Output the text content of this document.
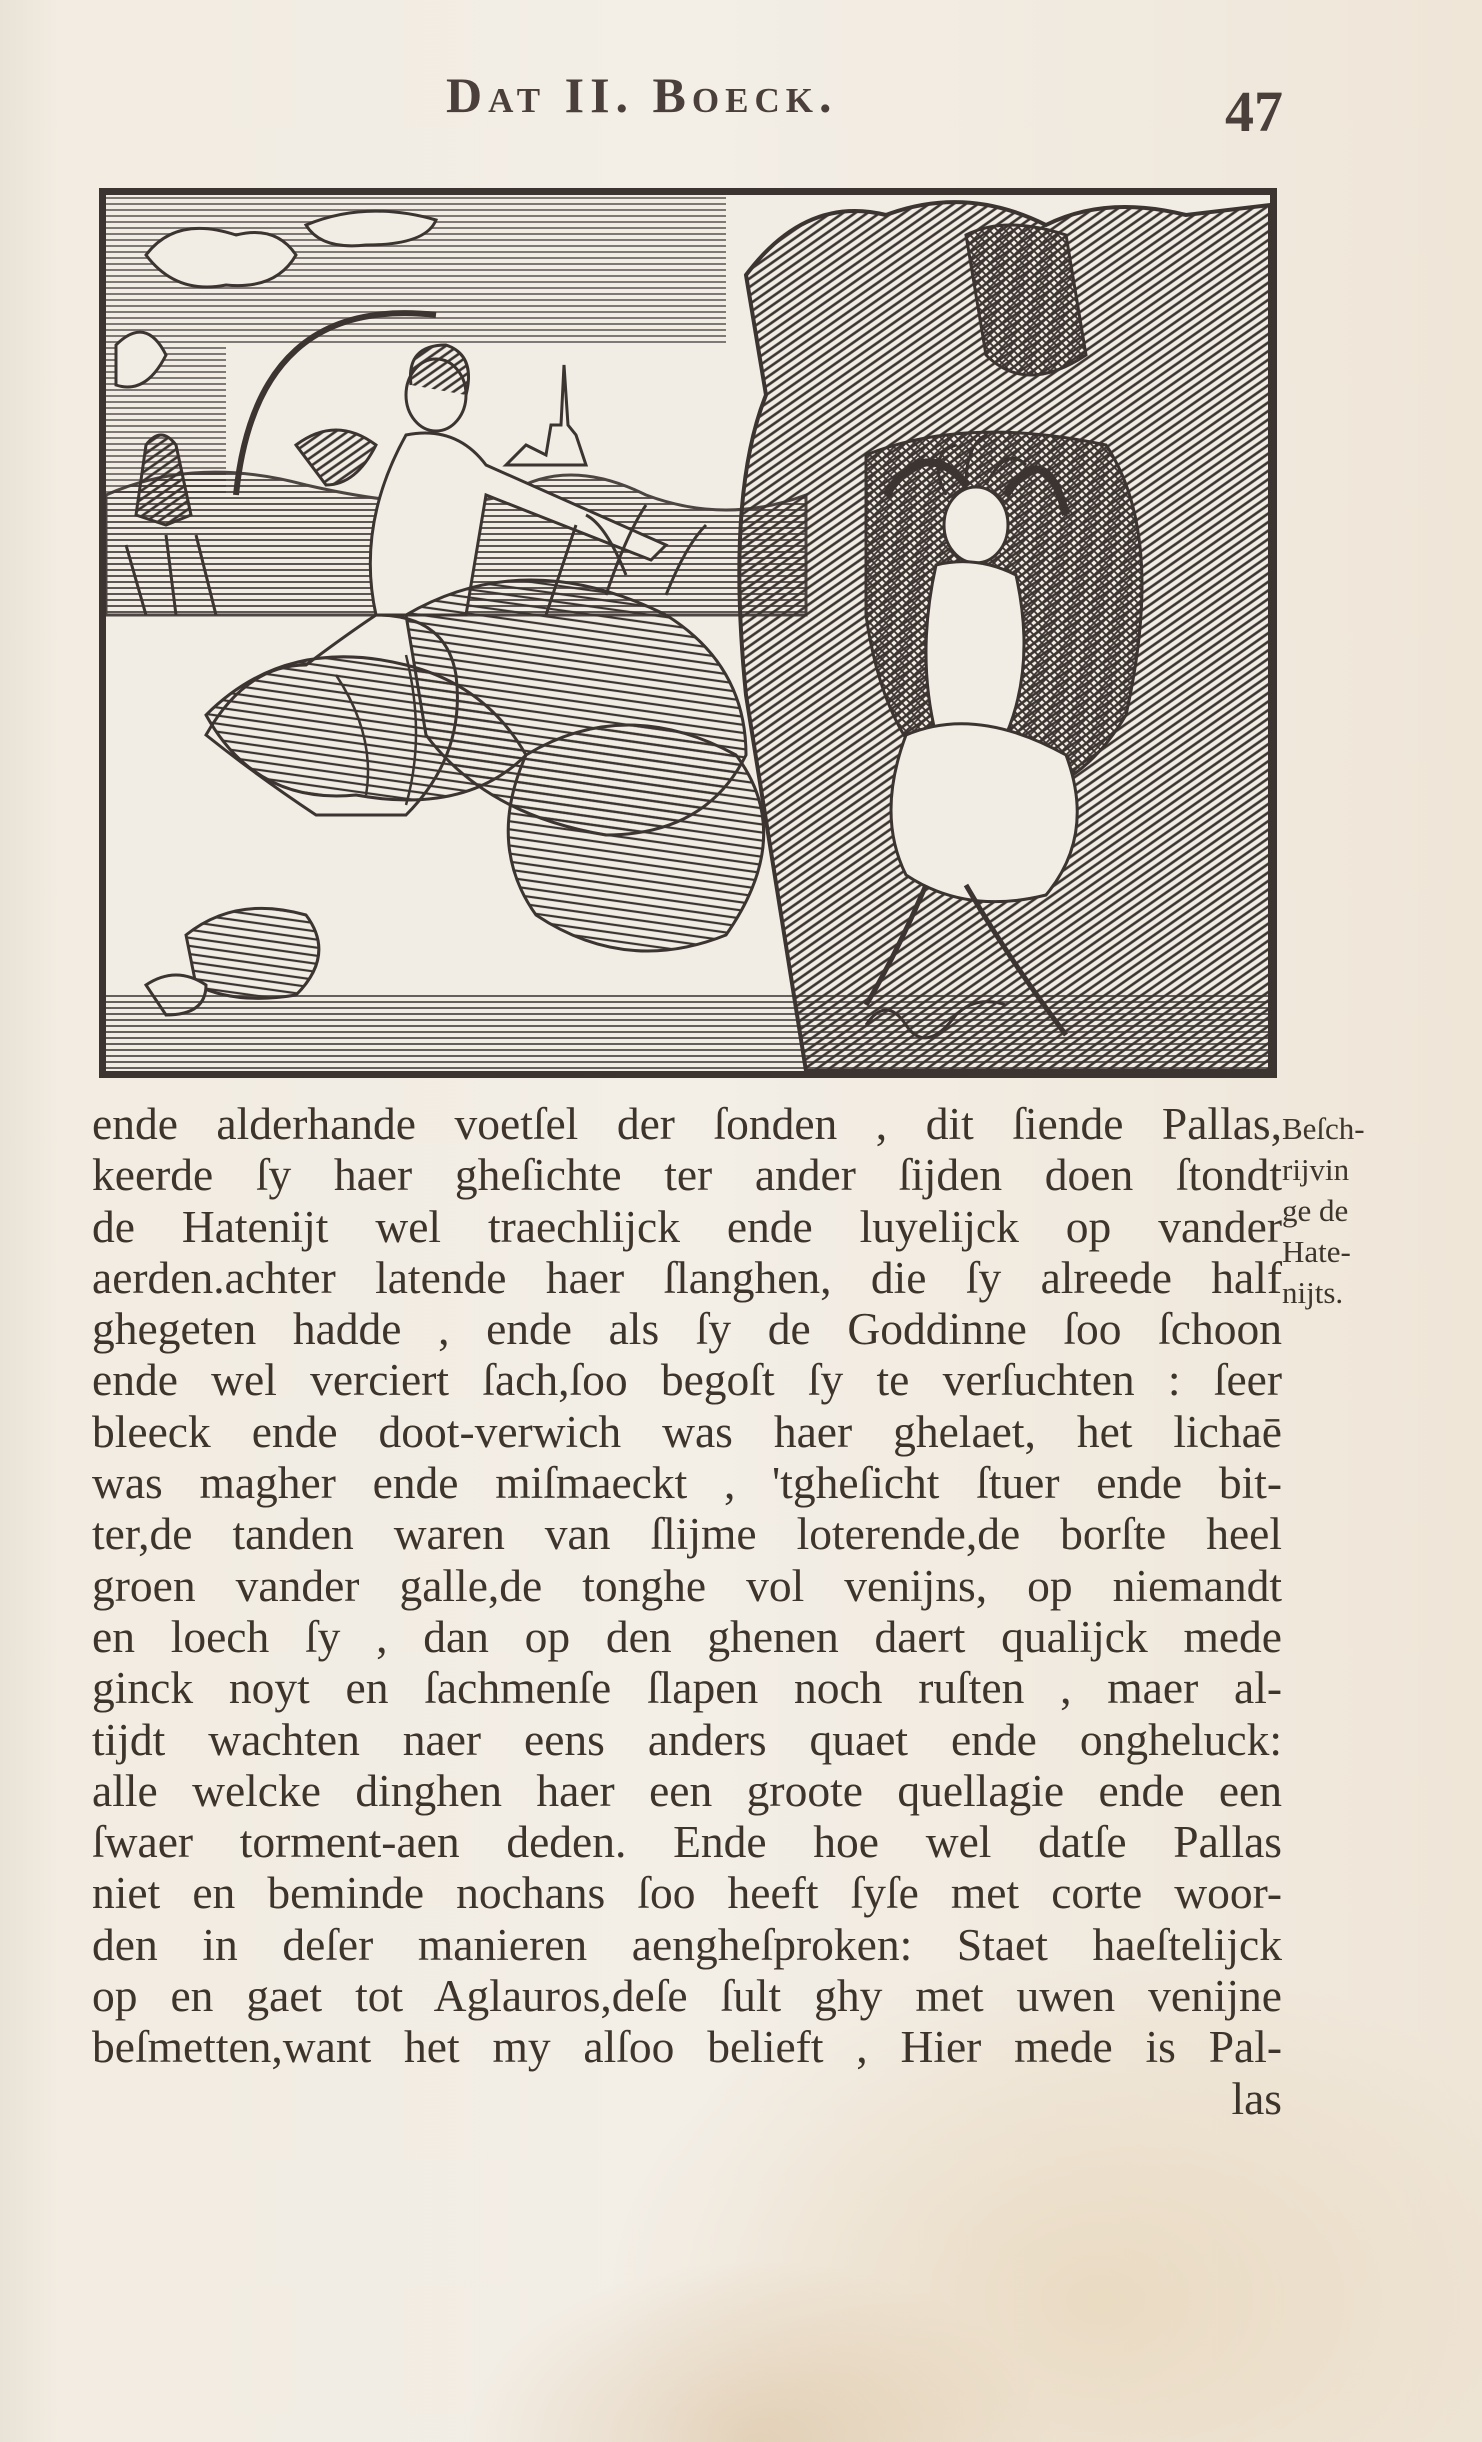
Dat II. Boeck.	47
ende alderhande voetſel der ſonden , dit ſiende Pallas,
keerde ſy haer gheſichte ter ander ſijden doen ſtondt
de Hatenijt wel traechlijck ende luyelijck op vander
aerden.achter latende haer ſlanghen, die ſy alreede half
ghegeten hadde , ende als ſy de Goddinne ſoo ſchoon
ende wel verciert ſach,ſoo begoſt ſy te verſuchten : ſeer
bleeck ende doot-verwich was haer ghelaet, het lichaē
was magher ende miſmaeckt , 'tgheſicht ſtuer ende bit-
ter,de tanden waren van ſlijme loterende,de borſte heel
groen vander galle,de tonghe vol venijns, op niemandt
en loech ſy , dan op den ghenen daert qualijck mede
ginck noyt en ſachmenſe ſlapen noch ruſten , maer al-
tijdt wachten naer eens anders quaet ende ongheluck:
alle welcke dinghen haer een groote quellagie ende een
ſwaer torment-aen deden. Ende hoe wel datſe Pallas
niet en beminde nochans ſoo heeft ſyſe met corte woor-
den in deſer manieren aengheſproken: Staet haeſtelijck
op en gaet tot Aglauros,deſe ſult ghy met uwen venijne
beſmetten,want het my alſoo belieft , Hier mede is Pal-
las
Beſch-
rijvin
ge de
Hate-
nijts.
